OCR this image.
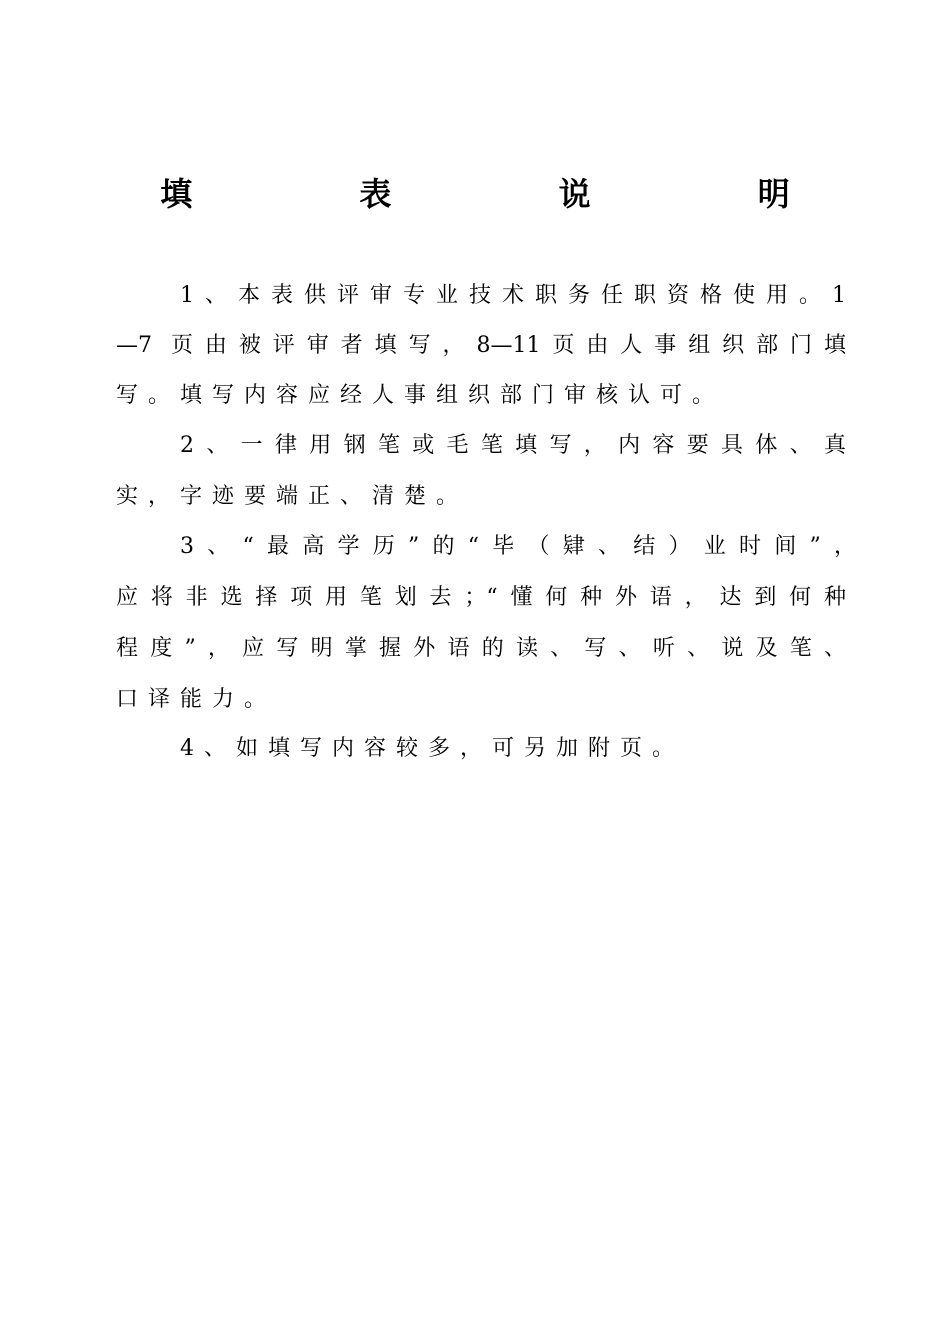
填 表 说 明
1、本表供评审专业技术职务任职资格使用。1
—7 页由被评审者填写，8—11页由人事组织部门填
写。填写内容应经人事组织部门审核认可。
2、一律用钢笔或毛笔填写，内容要具体、真
实，字迹要端正、清楚。
3、“最高学历”的“毕（肄、结）业时间”，
应将非选择项用笔划去；“懂何种外语，达到何种
程度”，应写明掌握外语的读、写、听、说及笔、
口译能力。
4、如填写内容较多，可另加附页。
